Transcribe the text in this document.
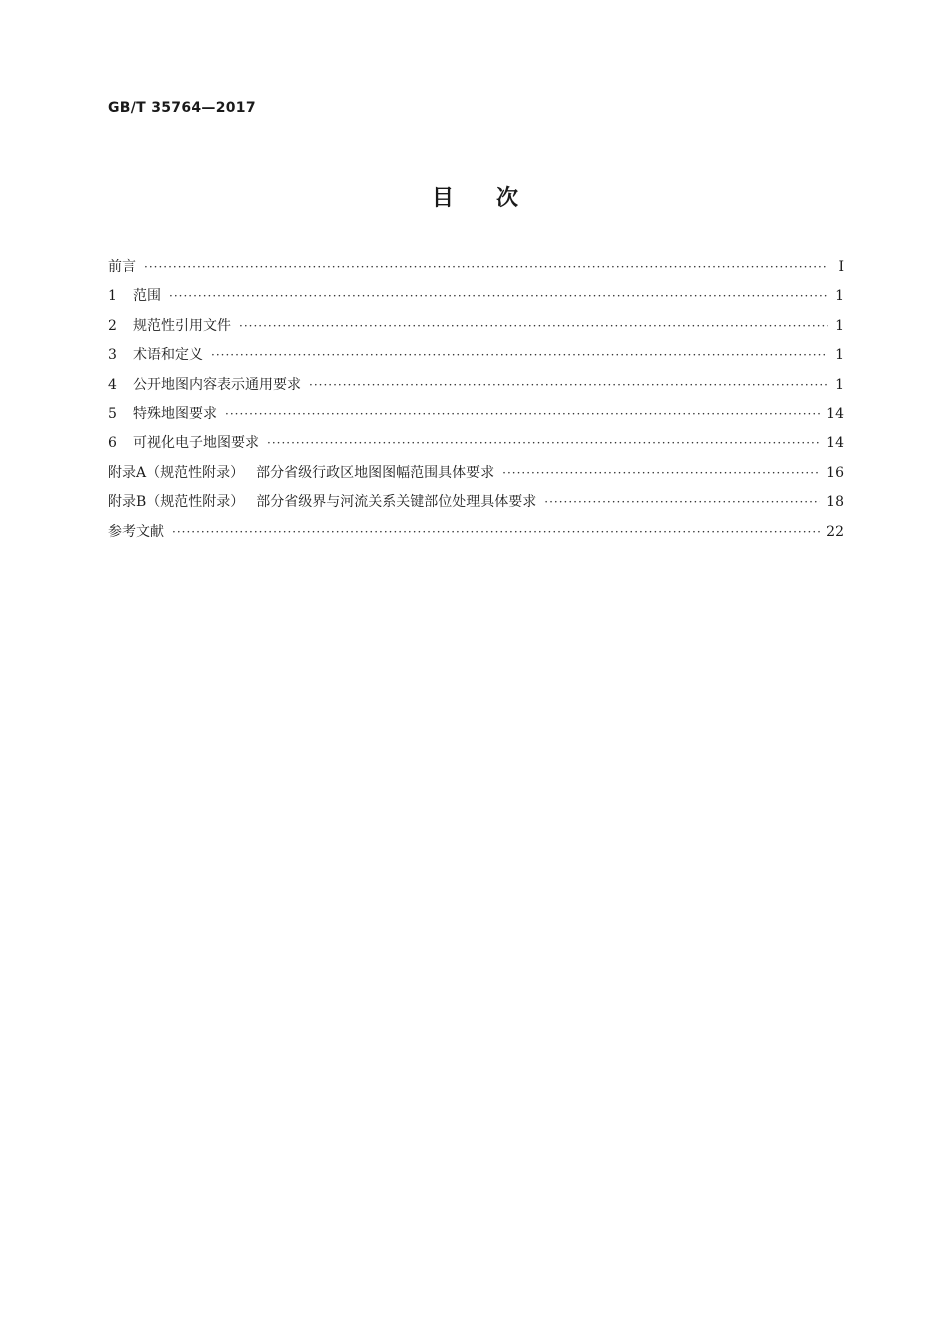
GB/T 35764—2017
目次
前言 ·····	Ⅰ
1	范围 ·····	1
2	规范性引用文件 ·····	1
3	术语和定义 ·····	1
4	公开地图内容表示通用要求 ·····	1
5	特殊地图要求 ·····	14
6	可视化电子地图要求 ·····	14
附录A（规范性附录） 部分省级行政区地图图幅范围具体要求 ·····	16
附录B（规范性附录） 部分省级界与河流关系关键部位处理具体要求 ·····	18
参考文献 ·····	22
